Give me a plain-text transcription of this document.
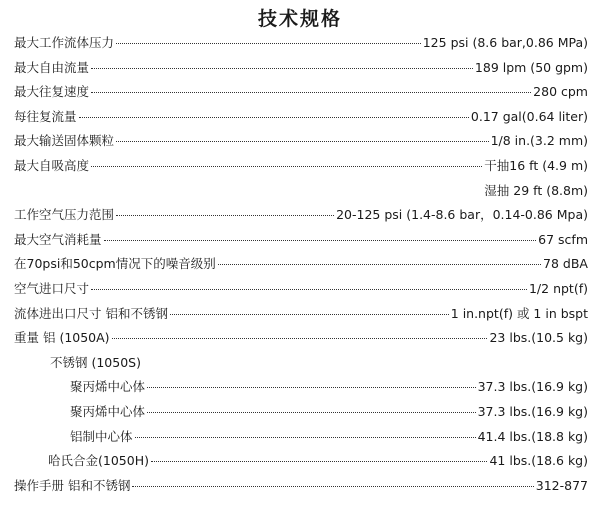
技术规格
最大工作流体压力	125 psi (8.6 bar,0.86 MPa)
最大自由流量	189 lpm (50 gpm)
最大往复速度	280 cpm
每往复流量	0.17 gal(0.64 liter)
最大输送固体颗粒	1/8 in.(3.2 mm)
最大自吸高度	干抽16 ft (4.9 m)
湿抽 29 ft (8.8m)
工作空气压力范围	20-125 psi (1.4-8.6 bar，0.14-0.86 Mpa)
最大空气消耗量	67 scfm
在70psi和50cpm情况下的噪音级别	78 dBA
空气进口尺寸	1/2 npt(f)
流体进出口尺寸 铝和不锈钢	1 in.npt(f) 或 1 in bspt
重量 铝 (1050A)	23 lbs.(10.5 kg)
不锈钢 (1050S)
聚丙烯中心体	37.3 lbs.(16.9 kg)
聚丙烯中心体	37.3 lbs.(16.9 kg)
铝制中心体	41.4 lbs.(18.8 kg)
哈氏合金(1050H)	41 lbs.(18.6 kg)
操作手册 铝和不锈钢	312-877
